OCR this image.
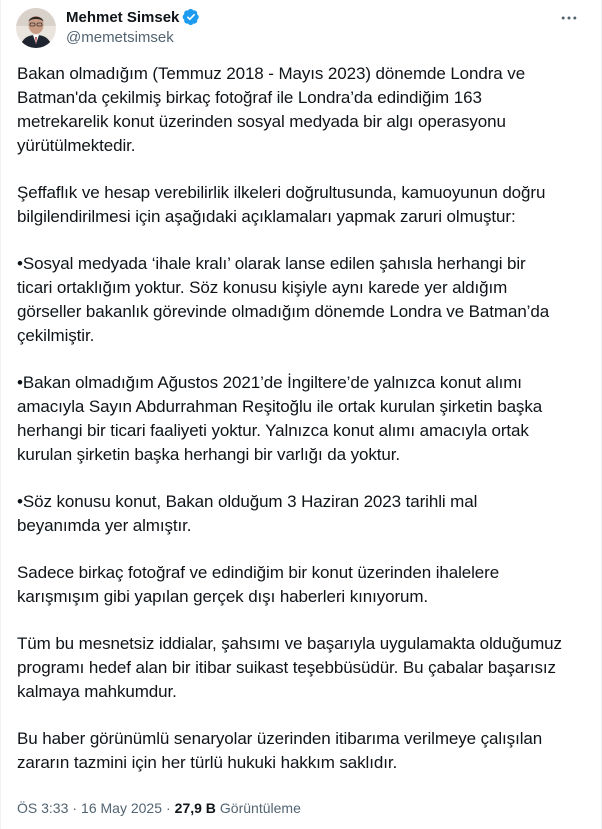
Mehmet Simsek
@memetsimsek

Bakan olmadığım (Temmuz 2018 - Mayıs 2023) dönemde Londra ve
Batman'da çekilmiş birkaç fotoğraf ile Londra’da edindiğim 163
metrekarelik konut üzerinden sosyal medyada bir algı operasyonu
yürütülmektedir.

Şeffaflık ve hesap verebilirlik ilkeleri doğrultusunda, kamuoyunun doğru
bilgilendirilmesi için aşağıdaki açıklamaları yapmak zaruri olmuştur:

•Sosyal medyada ‘ihale kralı’ olarak lanse edilen şahısla herhangi bir
ticari ortaklığım yoktur. Söz konusu kişiyle aynı karede yer aldığım
görseller bakanlık görevinde olmadığım dönemde Londra ve Batman’da
çekilmiştir.

•Bakan olmadığım Ağustos 2021’de İngiltere’de yalnızca konut alımı
amacıyla Sayın Abdurrahman Reşitoğlu ile ortak kurulan şirketin başka
herhangi bir ticari faaliyeti yoktur. Yalnızca konut alımı amacıyla ortak
kurulan şirketin başka herhangi bir varlığı da yoktur.

•Söz konusu konut, Bakan olduğum 3 Haziran 2023 tarihli mal
beyanımda yer almıştır.

Sadece birkaç fotoğraf ve edindiğim bir konut üzerinden ihalelere
karışmışım gibi yapılan gerçek dışı haberleri kınıyorum.

Tüm bu mesnetsiz iddialar, şahsımı ve başarıyla uygulamakta olduğumuz
programı hedef alan bir itibar suikast teşebbüsüdür. Bu çabalar başarısız
kalmaya mahkumdur.

Bu haber görünümlü senaryolar üzerinden itibarıma verilmeye çalışılan
zararın tazmini için her türlü hukuki hakkım saklıdır.

ÖS 3:33 · 16 May 2025 · 27,9 B Görüntüleme
